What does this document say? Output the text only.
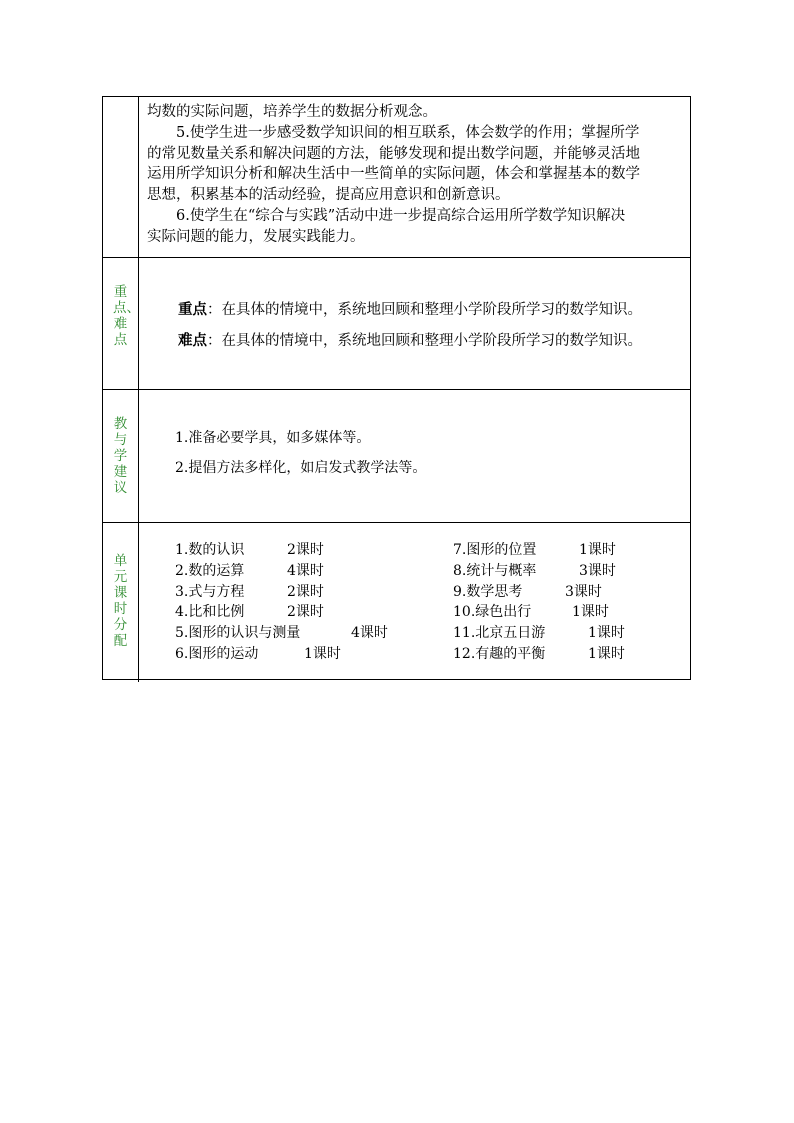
均数的实际问题，培养学生的数据分析观念。
5.使学生进一步感受数学知识间的相互联系，体会数学的作用；掌握所学
的常见数量关系和解决问题的方法，能够发现和提出数学问题，并能够灵活地
运用所学知识分析和解决生活中一些简单的实际问题，体会和掌握基本的数学
思想，积累基本的活动经验，提高应用意识和创新意识。
6.使学生在“综合与实践”活动中进一步提高综合运用所学数学知识解决
实际问题的能力，发展实践能力。
重点、难点
重点：在具体的情境中，系统地回顾和整理小学阶段所学习的数学知识。
难点：在具体的情境中，系统地回顾和整理小学阶段所学习的数学知识。
教与学建议
1.准备必要学具，如多媒体等。
2.提倡方法多样化，如启发式教学法等。
单元课时分配
1.数的认识	2课时
2.数的运算	4课时
3.式与方程	2课时
4.比和比例	2课时
5.图形的认识与测量	4课时
6.图形的运动	1课时
7.图形的位置	1课时
8.统计与概率	3课时
9.数学思考	3课时
10.绿色出行	1课时
11.北京五日游	1课时
12.有趣的平衡	1课时
